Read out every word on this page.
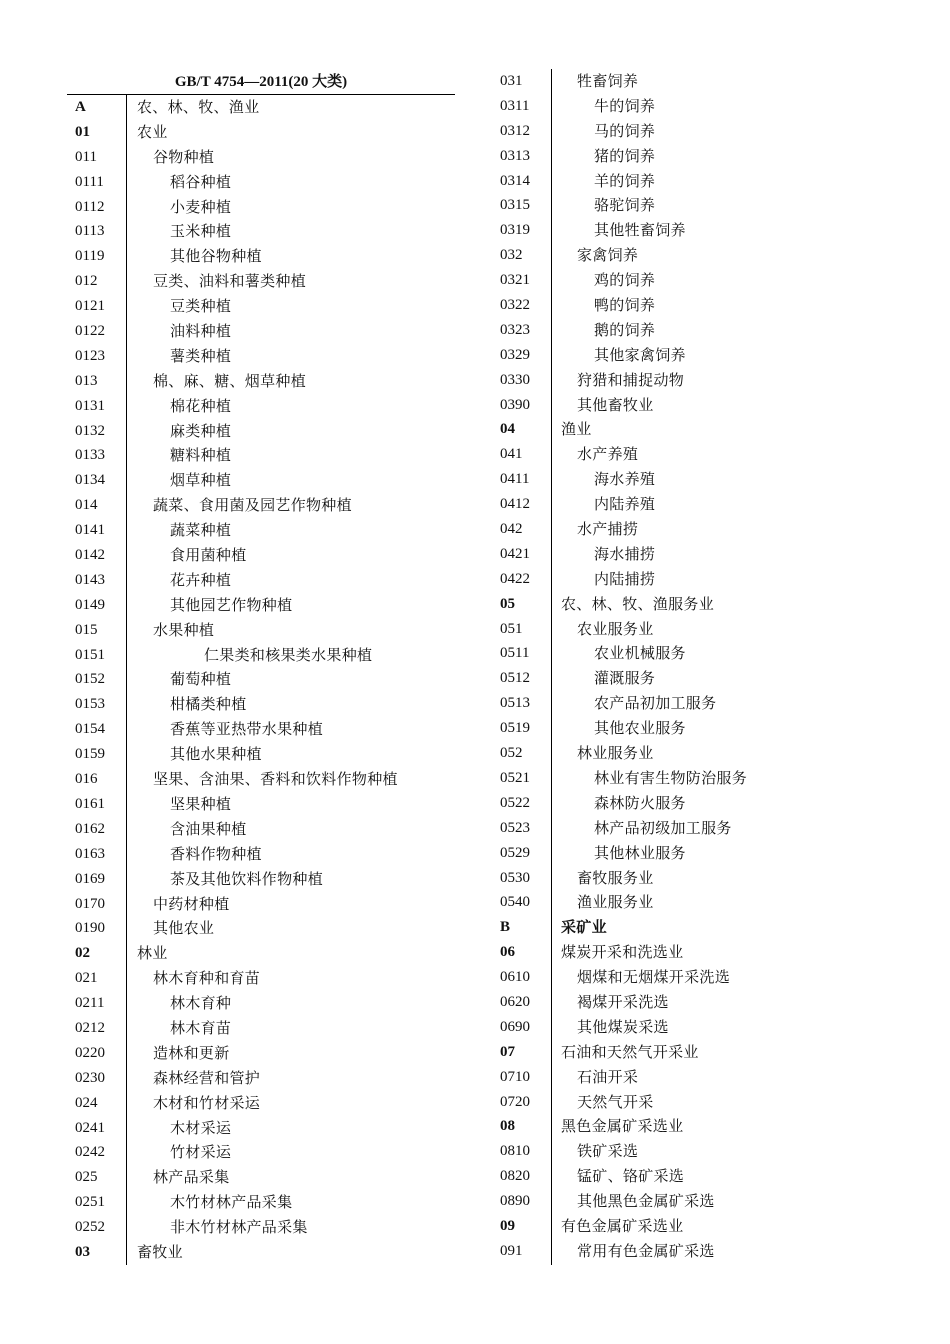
GB/T 4754—2011(20 大类)
A	农、林、牧、渔业
01	农业
011	谷物种植
0111	稻谷种植
0112	小麦种植
0113	玉米种植
0119	其他谷物种植
012	豆类、油料和薯类种植
0121	豆类种植
0122	油料种植
0123	薯类种植
013	棉、麻、糖、烟草种植
0131	棉花种植
0132	麻类种植
0133	糖料种植
0134	烟草种植
014	蔬菜、食用菌及园艺作物种植
0141	蔬菜种植
0142	食用菌种植
0143	花卉种植
0149	其他园艺作物种植
015	水果种植
0151	仁果类和核果类水果种植
0152	葡萄种植
0153	柑橘类种植
0154	香蕉等亚热带水果种植
0159	其他水果种植
016	坚果、含油果、香料和饮料作物种植
0161	坚果种植
0162	含油果种植
0163	香料作物种植
0169	茶及其他饮料作物种植
0170	中药材种植
0190	其他农业
02	林业
021	林木育种和育苗
0211	林木育种
0212	林木育苗
0220	造林和更新
0230	森林经营和管护
024	木材和竹材采运
0241	木材采运
0242	竹材采运
025	林产品采集
0251	木竹材林产品采集
0252	非木竹材林产品采集
03	畜牧业
031	牲畜饲养
0311	牛的饲养
0312	马的饲养
0313	猪的饲养
0314	羊的饲养
0315	骆驼饲养
0319	其他牲畜饲养
032	家禽饲养
0321	鸡的饲养
0322	鸭的饲养
0323	鹅的饲养
0329	其他家禽饲养
0330	狩猎和捕捉动物
0390	其他畜牧业
04	渔业
041	水产养殖
0411	海水养殖
0412	内陆养殖
042	水产捕捞
0421	海水捕捞
0422	内陆捕捞
05	农、林、牧、渔服务业
051	农业服务业
0511	农业机械服务
0512	灌溉服务
0513	农产品初加工服务
0519	其他农业服务
052	林业服务业
0521	林业有害生物防治服务
0522	森林防火服务
0523	林产品初级加工服务
0529	其他林业服务
0530	畜牧服务业
0540	渔业服务业
B	采矿业
06	煤炭开采和洗选业
0610	烟煤和无烟煤开采洗选
0620	褐煤开采洗选
0690	其他煤炭采选
07	石油和天然气开采业
0710	石油开采
0720	天然气开采
08	黑色金属矿采选业
0810	铁矿采选
0820	锰矿、铬矿采选
0890	其他黑色金属矿采选
09	有色金属矿采选业
091	常用有色金属矿采选
